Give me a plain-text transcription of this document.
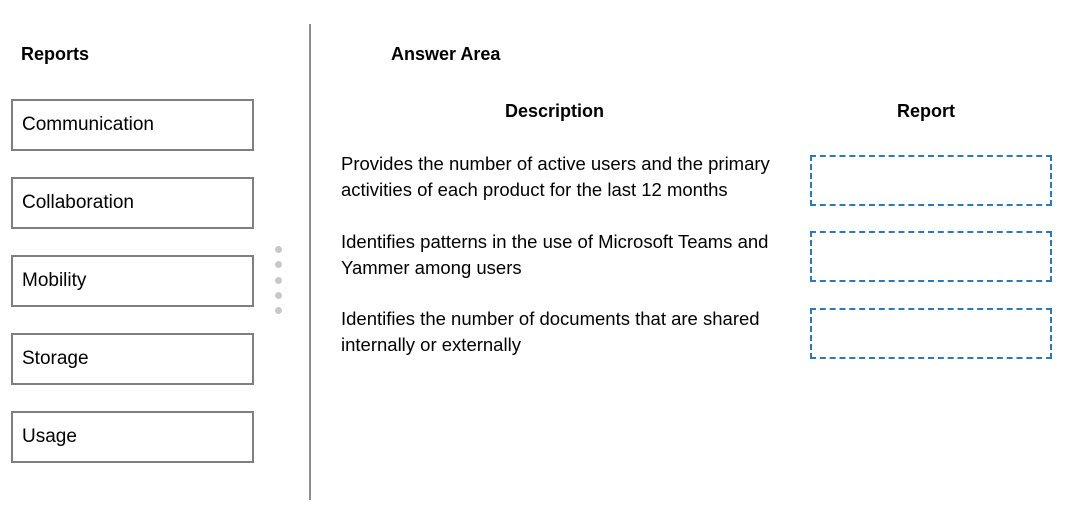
Reports
Communication
Collaboration
Mobility
Storage
Usage
Answer Area
Description	Report
Provides the number of active users and the primary activities of each product for the last 12 months
Identifies patterns in the use of Microsoft Teams and Yammer among users
Identifies the number of documents that are shared internally or externally
